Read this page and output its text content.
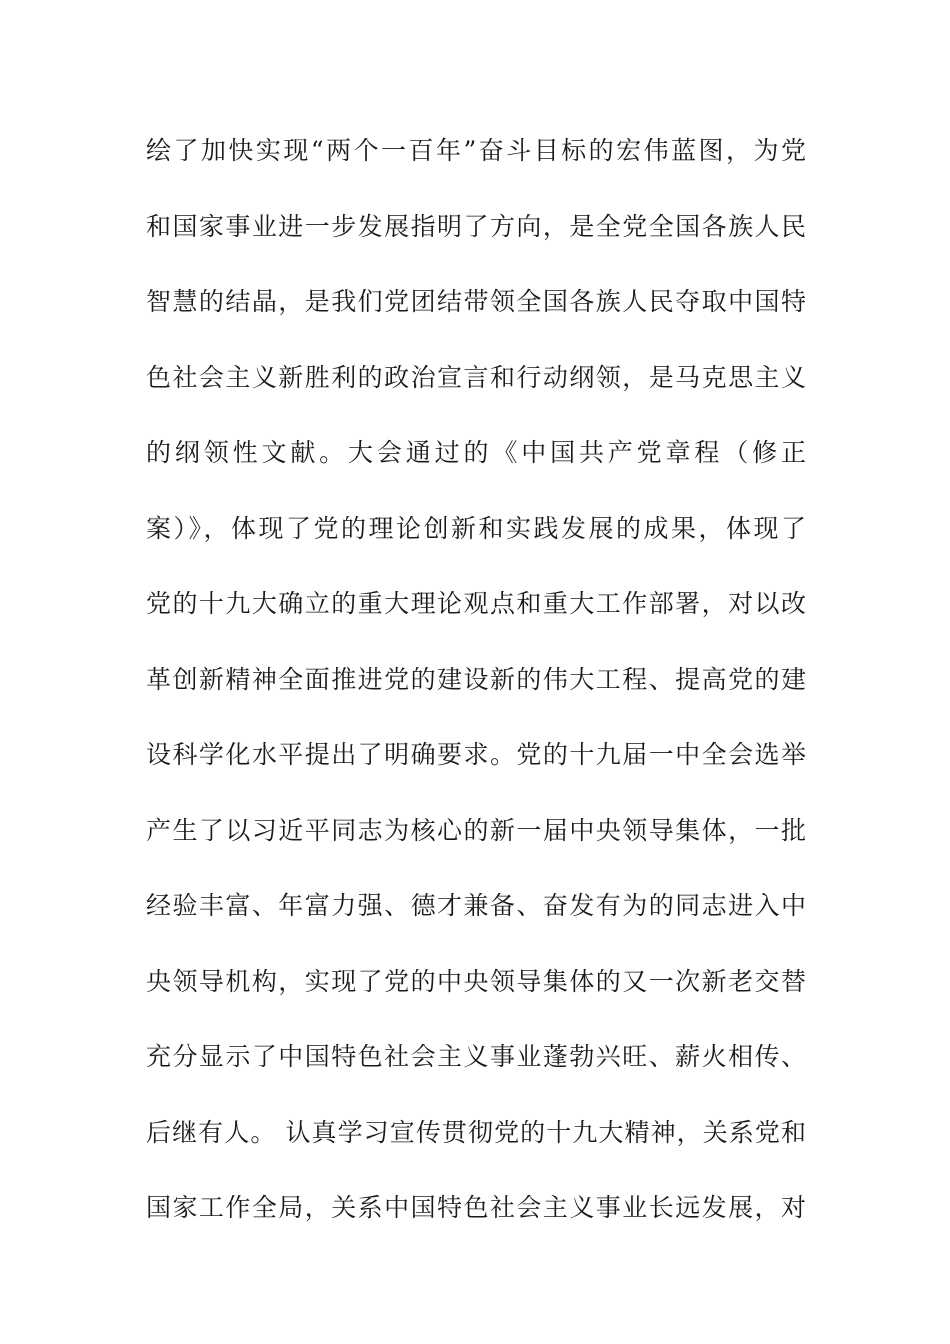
绘了加快实现“两个一百年”奋斗目标的宏伟蓝图，为党
和国家事业进一步发展指明了方向，是全党全国各族人民
智慧的结晶，是我们党团结带领全国各族人民夺取中国特
色社会主义新胜利的政治宣言和行动纲领，是马克思主义
的纲领性文献。大会通过的《中国共产党章程（修正
案）》，体现了党的理论创新和实践发展的成果，体现了
党的十九大确立的重大理论观点和重大工作部署，对以改
革创新精神全面推进党的建设新的伟大工程、提高党的建
设科学化水平提出了明确要求。党的十九届一中全会选举
产生了以习近平同志为核心的新一届中央领导集体，一批
经验丰富、年富力强、德才兼备、奋发有为的同志进入中
央领导机构，实现了党的中央领导集体的又一次新老交替
充分显示了中国特色社会主义事业蓬勃兴旺、薪火相传、
后继有人。 认真学习宣传贯彻党的十九大精神，关系党和
国家工作全局，关系中国特色社会主义事业长远发展，对
